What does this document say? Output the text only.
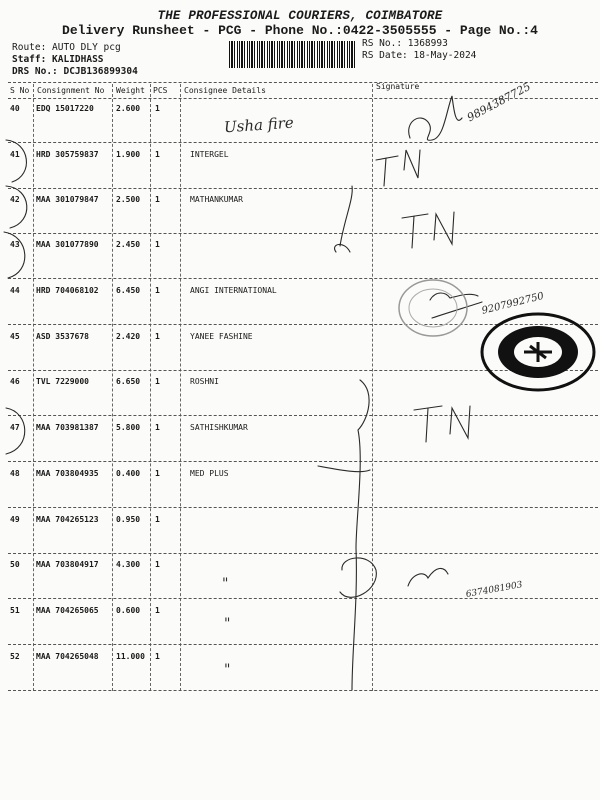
THE PROFESSIONAL COURIERS, COIMBATORE
Delivery Runsheet - PCG - Phone No.:0422-3505555 - Page No.:4
Route: AUTO DLY pcg
Staff: KALIDHASS
DRS No.: DCJB136899304
RS No.: 1368993
RS Date: 18-May-2024
S No Consignment No Weight PCS Consignee Details	Signature
40 EDQ 15017220	2.600 1
41 HRD 305759837 1.900 1	INTERGEL
42 MAA 301079847 2.500 1	MATHANKUMAR
43 MAA 301077890 2.450 1
44 HRD 704068102 6.450 1	ANGI INTERNATIONAL
45 ASD 3537678	2.420 1	YANEE FASHINE
46 TVL 7229000	6.650 1	ROSHNI
47 MAA 703981387 5.800 1	SATHISHKUMAR
48 MAA 703804935 0.400 1	MED PLUS
49 MAA 704265123 0.950 1
50 MAA 703804917 4.300 1
51 MAA 704265065 0.600 1
52 MAA 704265048 11.000 1
Usha fire
9894387725
9207992750
6374081903
"
"
"
